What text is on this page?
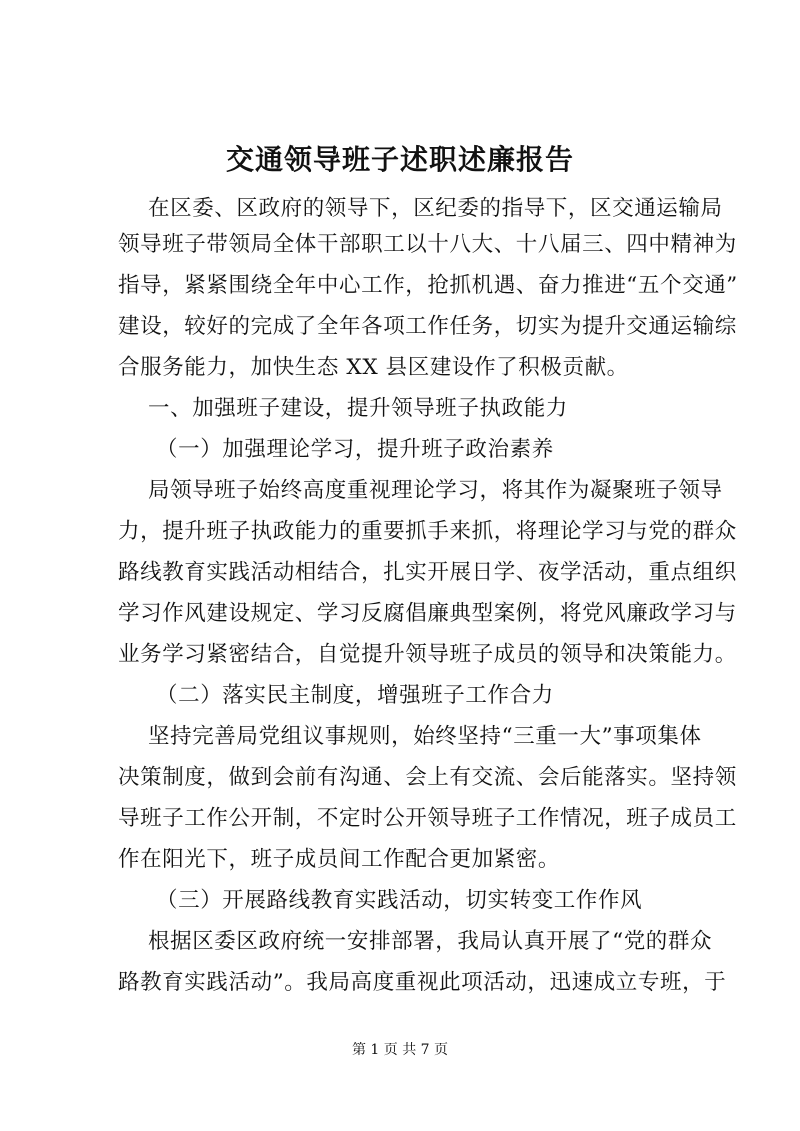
交通领导班子述职述廉报告
在区委、区政府的领导下，区纪委的指导下，区交通运输局
领导班子带领局全体干部职工以十八大、十八届三、四中精神为
指导，紧紧围绕全年中心工作，抢抓机遇、奋力推进“五个交通”
建设，较好的完成了全年各项工作任务，切实为提升交通运输综
合服务能力，加快生态 XX 县区建设作了积极贡献。
一、加强班子建设，提升领导班子执政能力
（一）加强理论学习，提升班子政治素养
局领导班子始终高度重视理论学习，将其作为凝聚班子领导
力，提升班子执政能力的重要抓手来抓，将理论学习与党的群众
路线教育实践活动相结合，扎实开展日学、夜学活动，重点组织
学习作风建设规定、学习反腐倡廉典型案例，将党风廉政学习与
业务学习紧密结合，自觉提升领导班子成员的领导和决策能力。
（二）落实民主制度，增强班子工作合力
坚持完善局党组议事规则，始终坚持“三重一大”事项集体
决策制度，做到会前有沟通、会上有交流、会后能落实。坚持领
导班子工作公开制，不定时公开领导班子工作情况，班子成员工
作在阳光下，班子成员间工作配合更加紧密。
（三）开展路线教育实践活动，切实转变工作作风
根据区委区政府统一安排部署，我局认真开展了“党的群众
路教育实践活动”。我局高度重视此项活动，迅速成立专班，于
第 1 页 共 7 页
